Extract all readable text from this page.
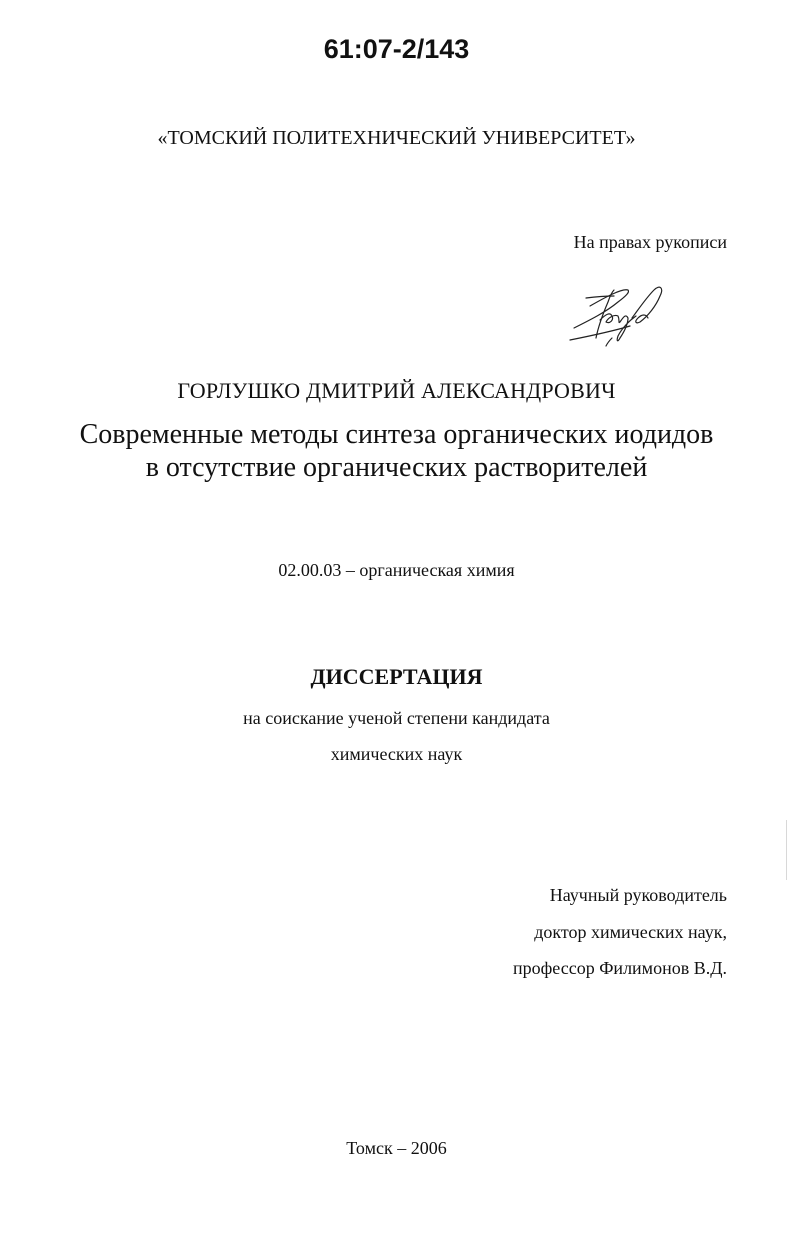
61:07-2/143
«ТОМСКИЙ ПОЛИТЕХНИЧЕСКИЙ УНИВЕРСИТЕТ»
На правах рукописи
ГОРЛУШКО ДМИТРИЙ АЛЕКСАНДРОВИЧ
Современные методы синтеза органических иодидов
в отсутствие органических растворителей
02.00.03 – органическая химия
ДИССЕРТАЦИЯ
на соискание ученой степени кандидата
химических наук
Научный руководитель
доктор химических наук,
профессор Филимонов В.Д.
Томск – 2006
